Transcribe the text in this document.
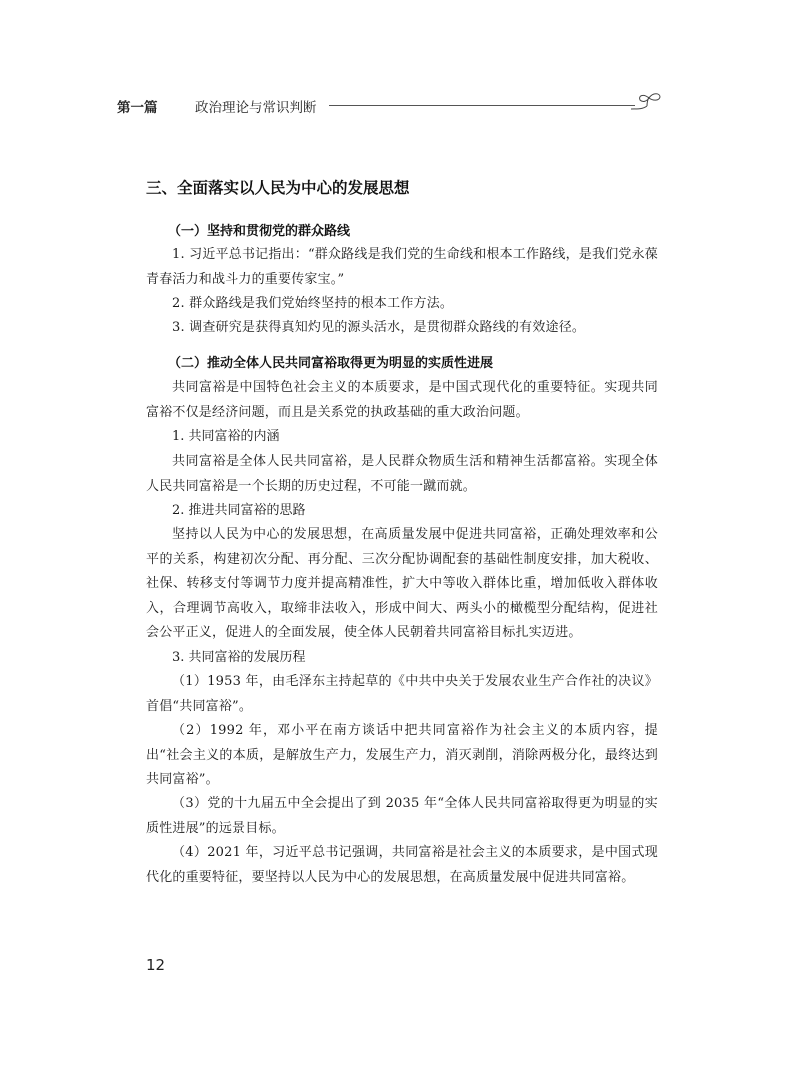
第一篇	政治理论与常识判断
三、全面落实以人民为中心的发展思想
（一）坚持和贯彻党的群众路线

1. 习近平总书记指出：“群众路线是我们党的生命线和根本工作路线，是我们党永葆青春活力和战斗力的重要传家宝。”

2. 群众路线是我们党始终坚持的根本工作方法。

3. 调查研究是获得真知灼见的源头活水，是贯彻群众路线的有效途径。

（二）推动全体人民共同富裕取得更为明显的实质性进展

共同富裕是中国特色社会主义的本质要求，是中国式现代化的重要特征。实现共同富裕不仅是经济问题，而且是关系党的执政基础的重大政治问题。

1. 共同富裕的内涵

共同富裕是全体人民共同富裕，是人民群众物质生活和精神生活都富裕。实现全体人民共同富裕是一个长期的历史过程，不可能一蹴而就。

2. 推进共同富裕的思路

坚持以人民为中心的发展思想，在高质量发展中促进共同富裕，正确处理效率和公平的关系，构建初次分配、再分配、三次分配协调配套的基础性制度安排，加大税收、社保、转移支付等调节力度并提高精准性，扩大中等收入群体比重，增加低收入群体收入，合理调节高收入，取缔非法收入，形成中间大、两头小的橄榄型分配结构，促进社会公平正义，促进人的全面发展，使全体人民朝着共同富裕目标扎实迈进。

3. 共同富裕的发展历程

（1）1953 年，由毛泽东主持起草的《中共中央关于发展农业生产合作社的决议》首倡“共同富裕”。

（2）1992 年，邓小平在南方谈话中把共同富裕作为社会主义的本质内容，提出“社会主义的本质，是解放生产力，发展生产力，消灭剥削，消除两极分化，最终达到共同富裕”。

（3）党的十九届五中全会提出了到 2035 年“全体人民共同富裕取得更为明显的实质性进展”的远景目标。

（4）2021 年，习近平总书记强调，共同富裕是社会主义的本质要求，是中国式现代化的重要特征，要坚持以人民为中心的发展思想，在高质量发展中促进共同富裕。

12
